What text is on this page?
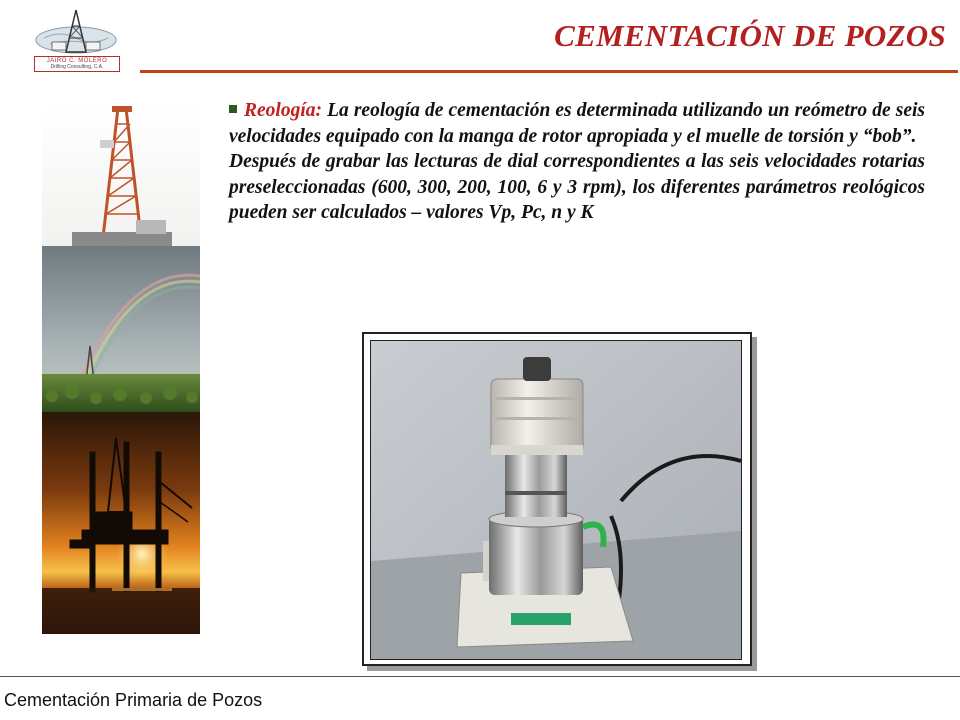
JAIRO C. MOLERO
Drilling Consulting, C.A.
CEMENTACIÓN DE POZOS

Reología: La reología de cementación es determinada utilizando un reómetro de seis velocidades equipado con la manga de rotor apropiada y el muelle de torsión y “bob”.

Después de grabar las lecturas de dial correspondientes a las seis velocidades rotarias preseleccionadas (600, 300, 200, 100, 6 y 3 rpm), los diferentes parámetros reológicos pueden ser calculados – valores Vp, Pc, n y K

Cementación Primaria de Pozos
